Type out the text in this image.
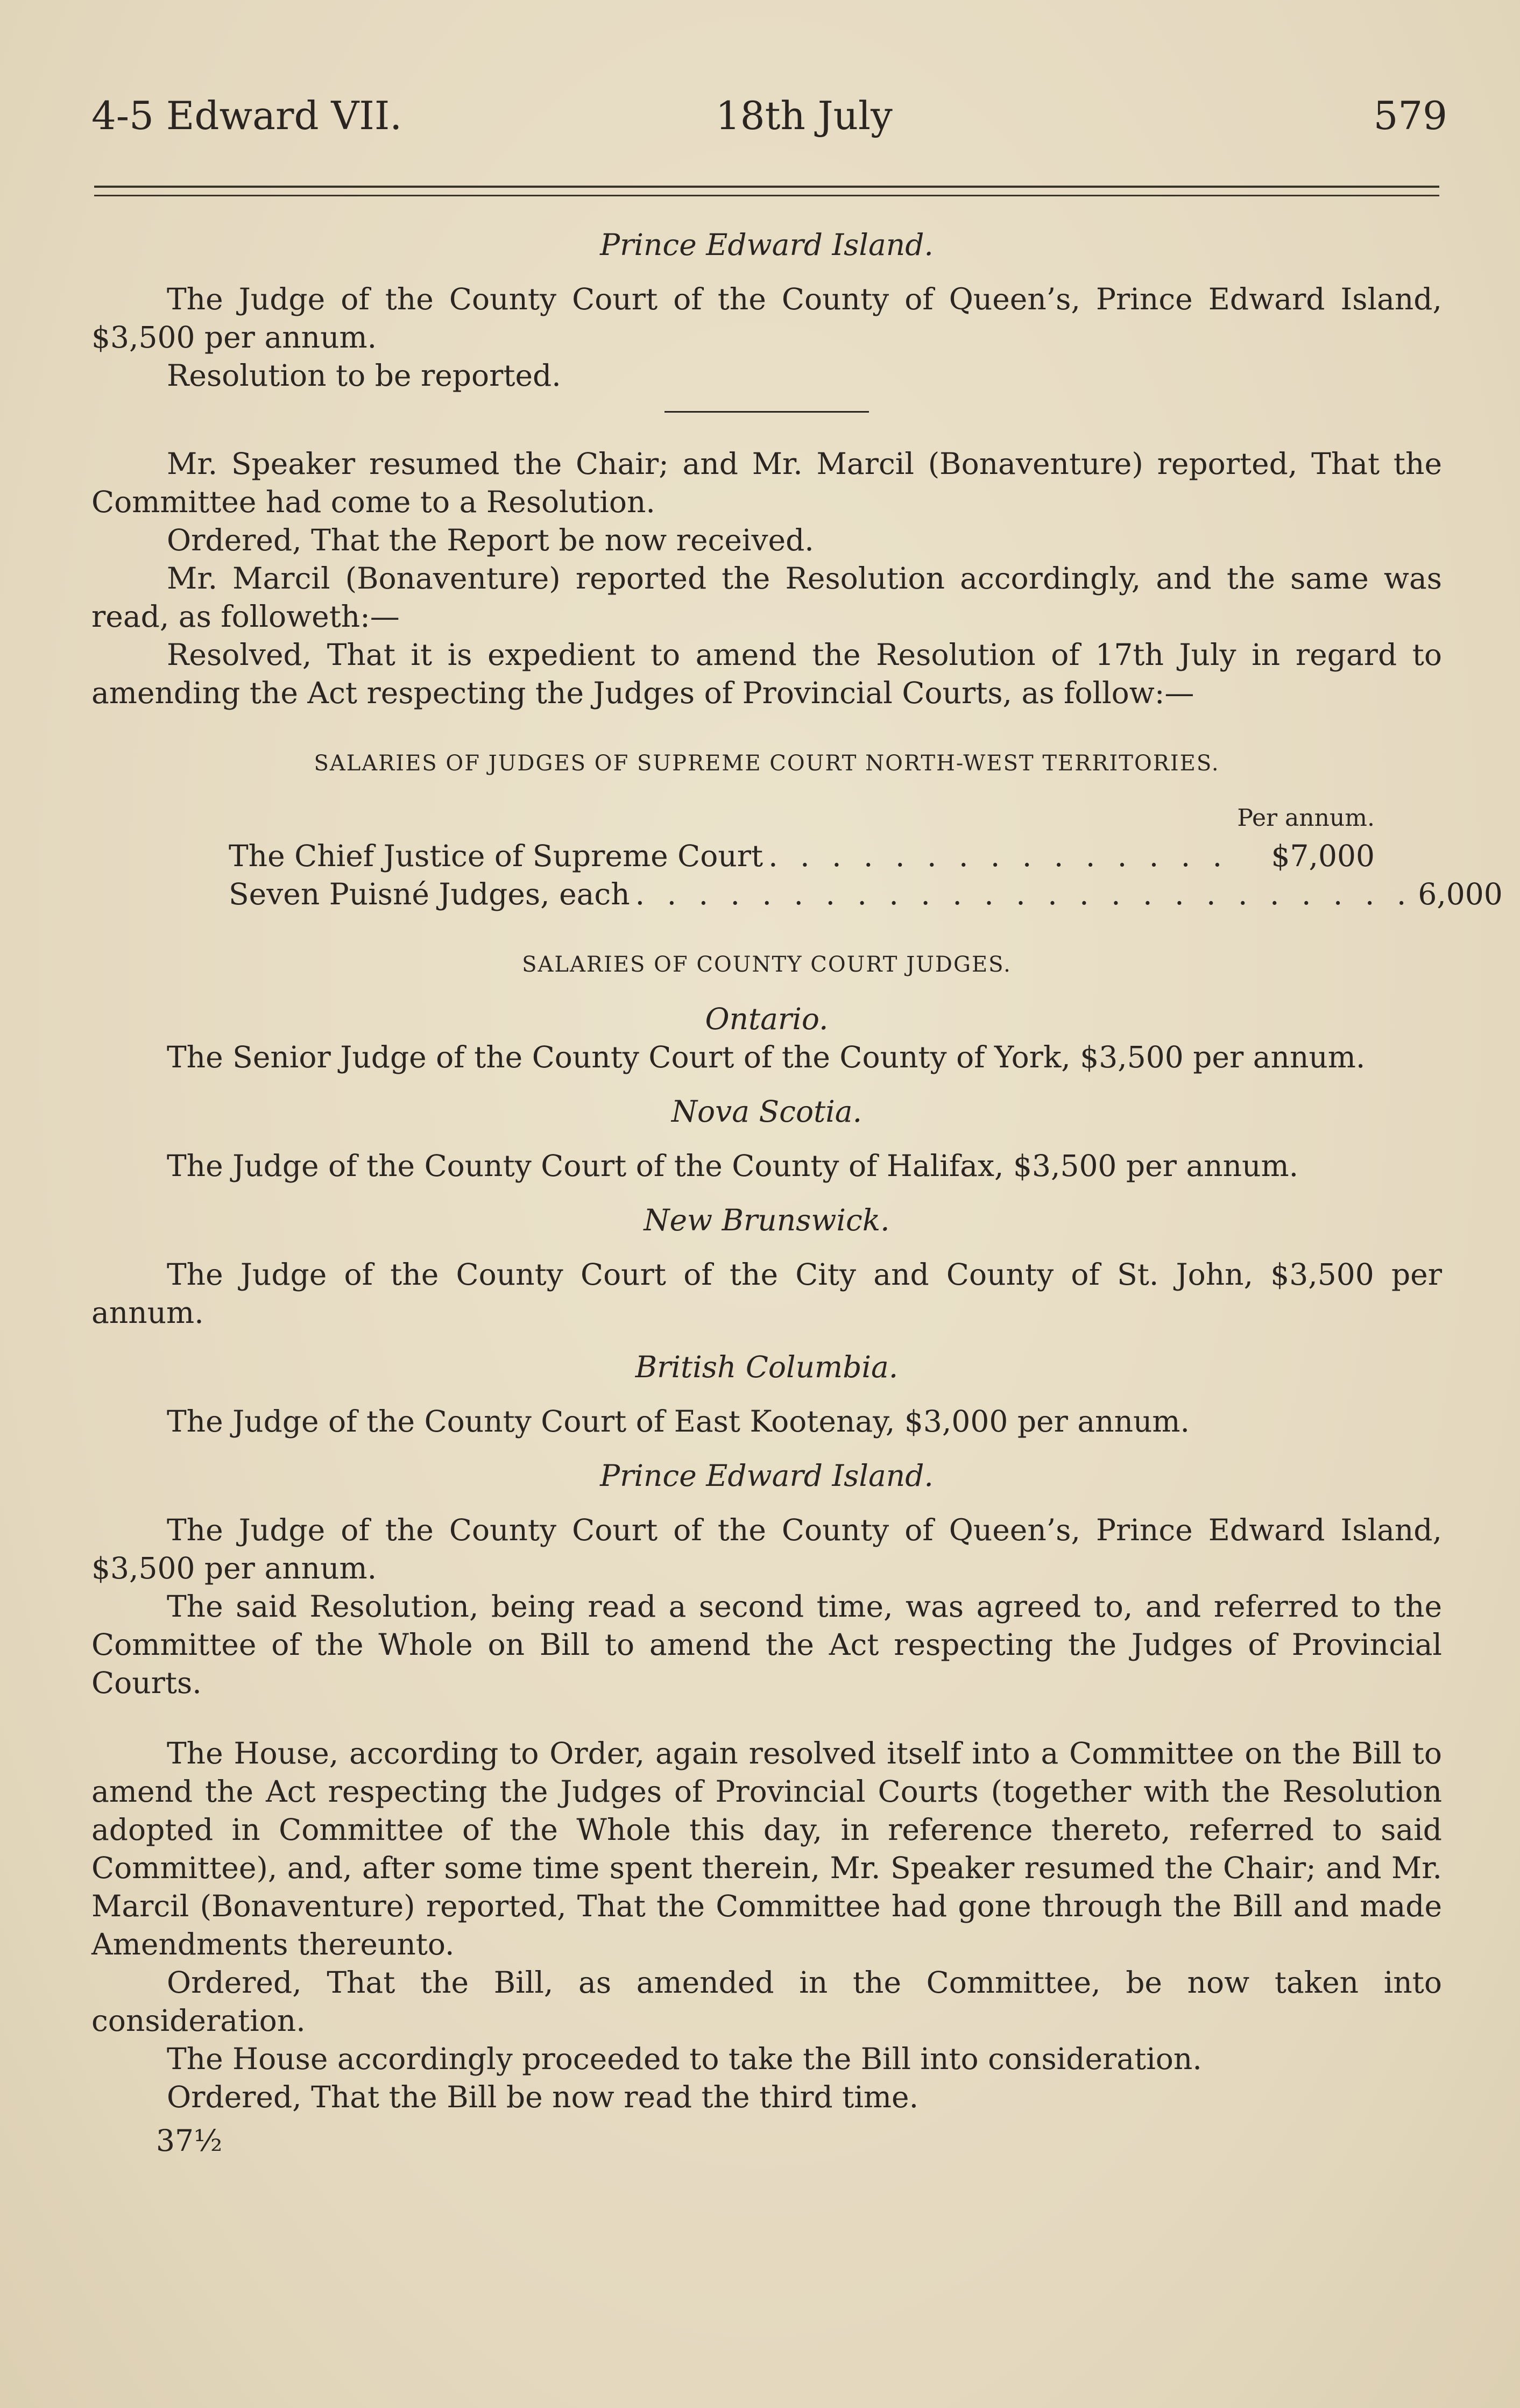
4-5 Edward VII.	18th July	579

Prince Edward Island.

The Judge of the County Court of the County of Queen’s, Prince Edward Island, $3,500 per annum.

Resolution to be reported.

Mr. Speaker resumed the Chair; and Mr. Marcil (Bonaventure) reported, That the Committee had come to a Resolution.

Ordered, That the Report be now received.

Mr. Marcil (Bonaventure) reported the Resolution accordingly, and the same was read, as followeth:—

Resolved, That it is expedient to amend the Resolution of 17th July in regard to amending the Act respecting the Judges of Provincial Courts, as follow:—

SALARIES OF JUDGES OF SUPREME COURT NORTH-WEST TERRITORIES.

Per annum.
The Chief Justice of Supreme Court . . . . . . . . . . . . . . .	$7,000
Seven Puisné Judges, each . . . . . . . . . . . . . . . . . . . . . . . . . 6,000

SALARIES OF COUNTY COURT JUDGES.

Ontario.

The Senior Judge of the County Court of the County of York, $3,500 per annum.

Nova Scotia.

The Judge of the County Court of the County of Halifax, $3,500 per annum.

New Brunswick.

The Judge of the County Court of the City and County of St. John, $3,500 per annum.

British Columbia.

The Judge of the County Court of East Kootenay, $3,000 per annum.

Prince Edward Island.

The Judge of the County Court of the County of Queen’s, Prince Edward Island, $3,500 per annum.

The said Resolution, being read a second time, was agreed to, and referred to the Committee of the Whole on Bill to amend the Act respecting the Judges of Provincial Courts.

The House, according to Order, again resolved itself into a Committee on the Bill to amend the Act respecting the Judges of Provincial Courts (together with the Resolution adopted in Committee of the Whole this day, in reference thereto, referred to said Committee), and, after some time spent therein, Mr. Speaker resumed the Chair; and Mr. Marcil (Bonaventure) reported, That the Committee had gone through the Bill and made Amendments thereunto.

Ordered, That the Bill, as amended in the Committee, be now taken into consideration.

The House accordingly proceeded to take the Bill into consideration.

Ordered, That the Bill be now read the third time.

37½
